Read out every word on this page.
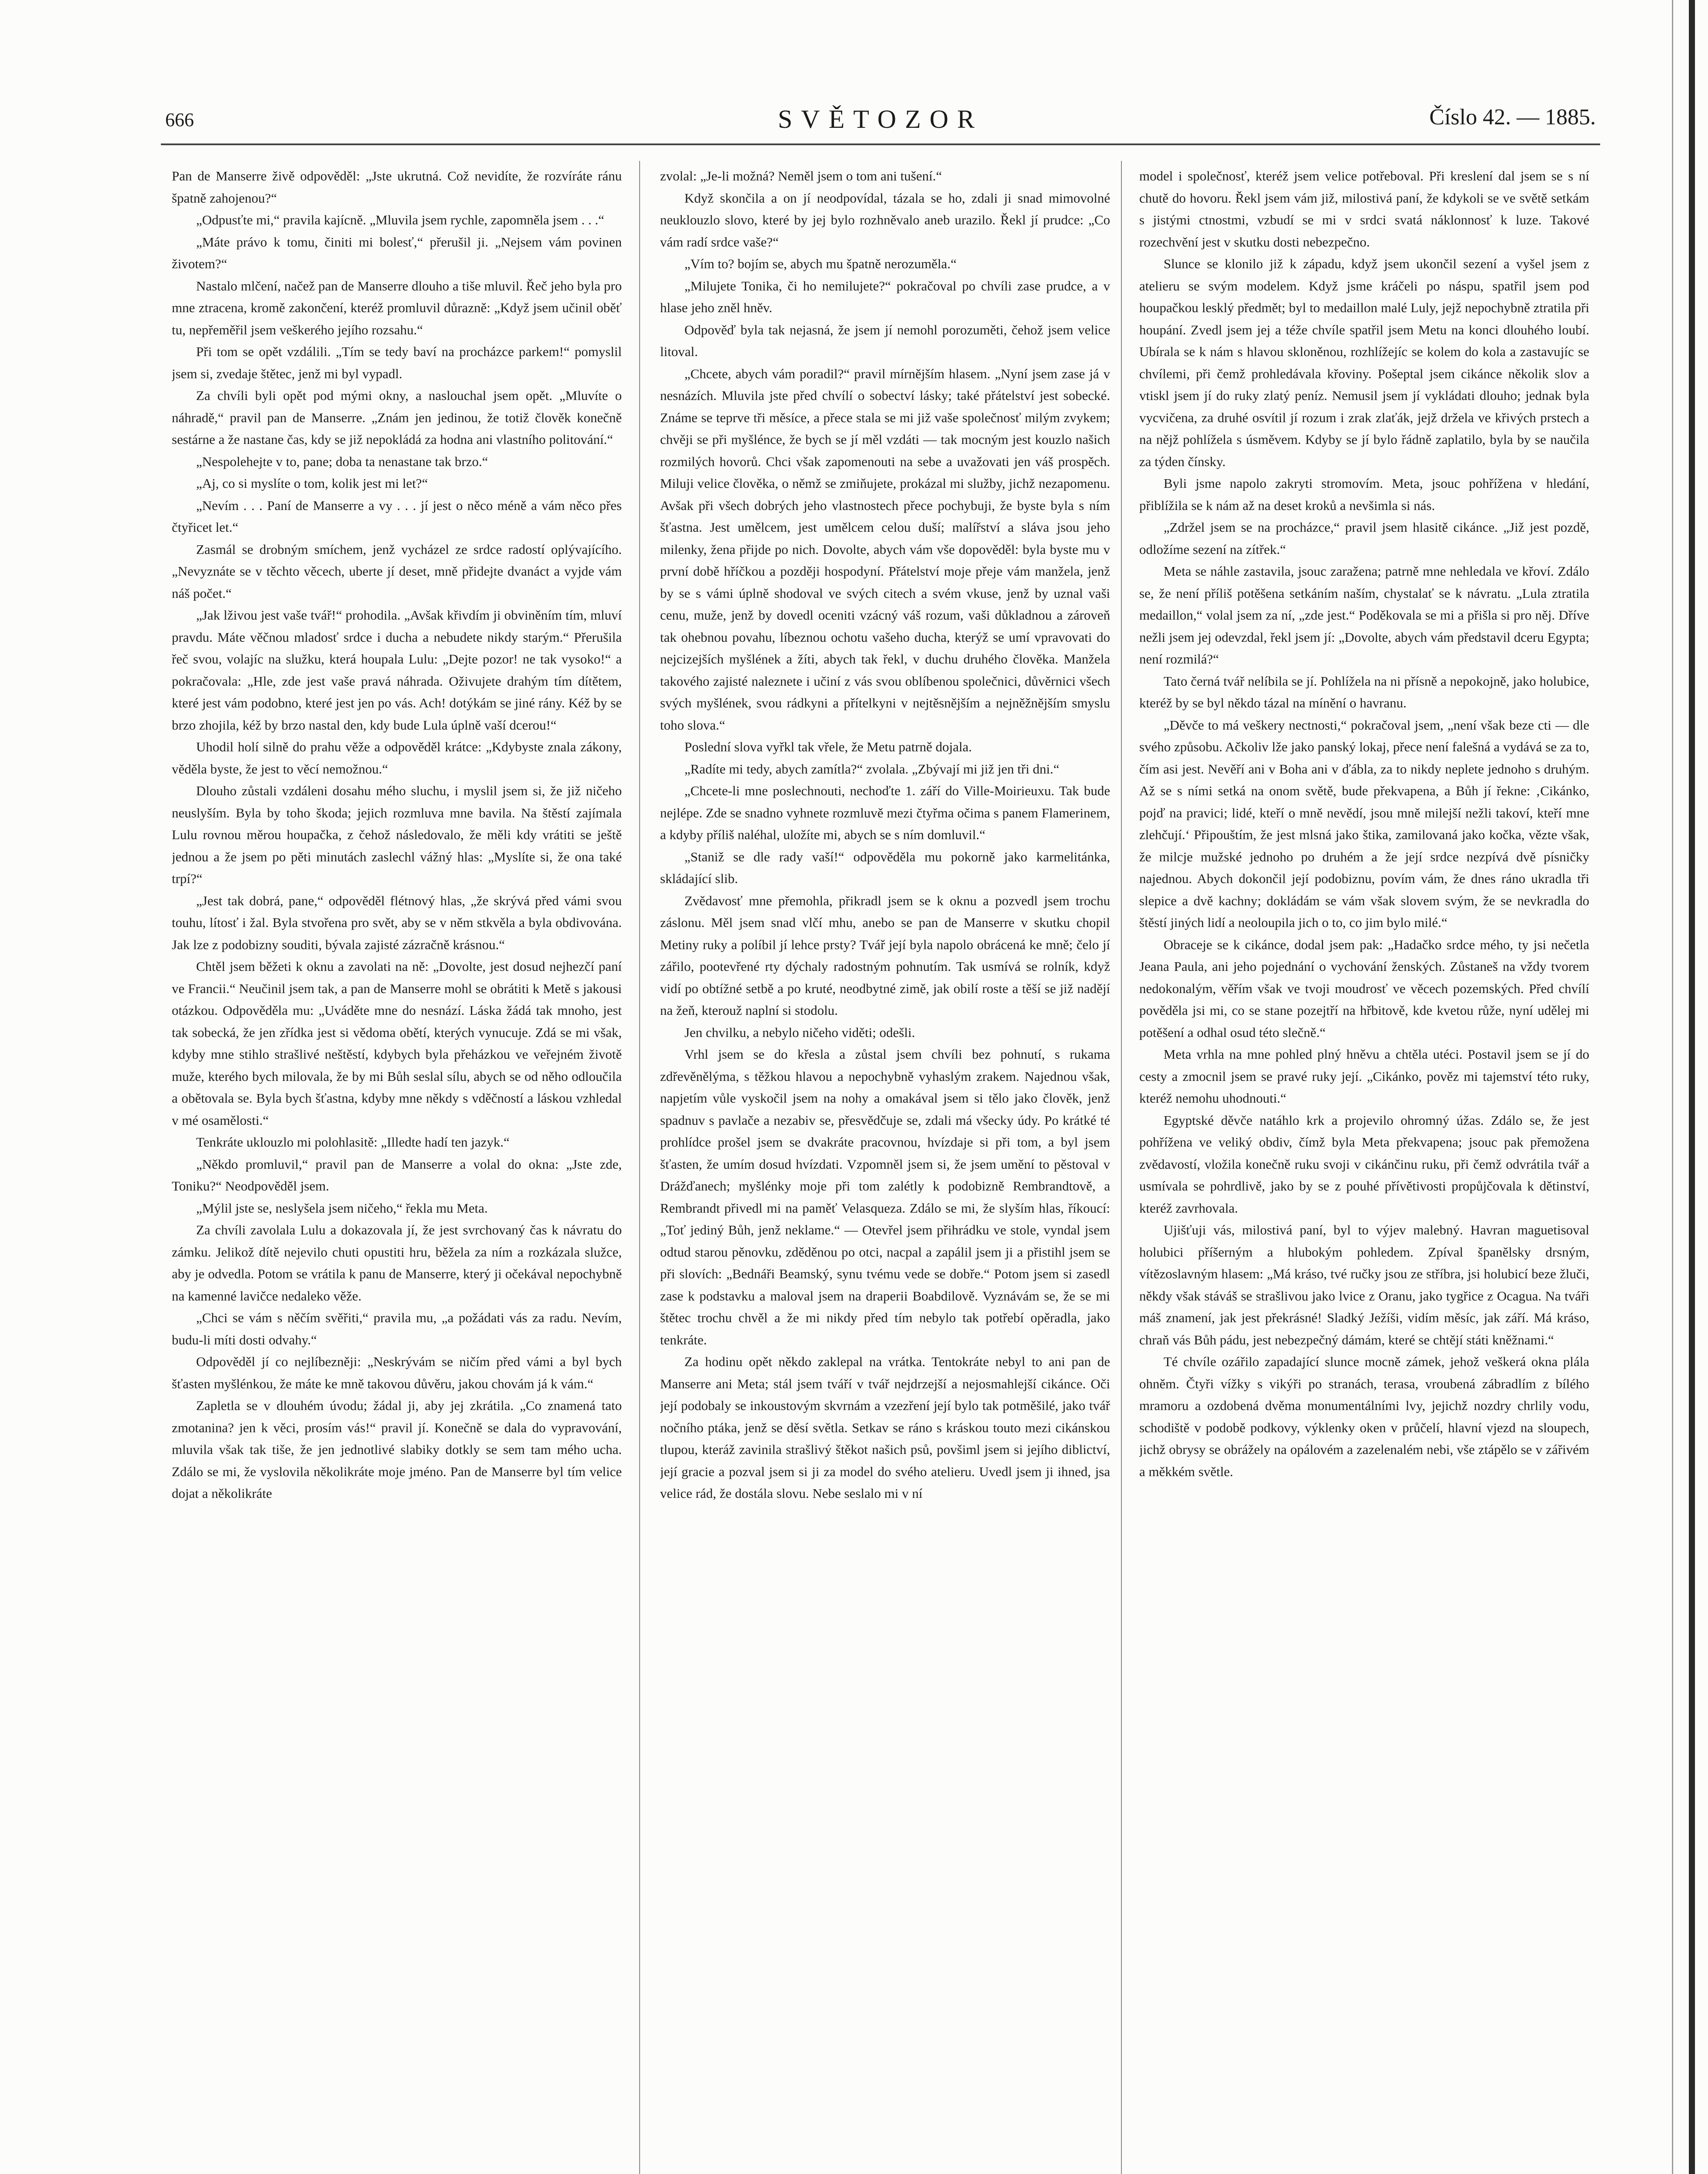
666	SVĚTOZOR	Číslo 42. — 1885.

Pan de Manserre živě odpověděl: „Jste ukrutná. Což nevidíte, že rozvíráte ránu špatně zahojenou?“

„Odpusťte mi,“ pravila kajícně. „Mluvila jsem rychle, zapomněla jsem . . .“

„Máte právo k tomu, činiti mi bolesť,“ přerušil ji. „Nejsem vám povinen životem?“

Nastalo mlčení, načež pan de Manserre dlouho a tiše mluvil. Řeč jeho byla pro mne ztracena, kromě zakončení, kteréž promluvil důrazně: „Když jsem učinil oběť tu, nepřeměřil jsem veškerého jejího rozsahu.“

Při tom se opět vzdálili. „Tím se tedy baví na procházce parkem!“ pomyslil jsem si, zvedaje štětec, jenž mi byl vypadl.

Za chvíli byli opět pod mými okny, a naslouchal jsem opět. „Mluvíte o náhradě,“ pravil pan de Manserre. „Znám jen jedinou, že totiž člověk konečně sestárne a že nastane čas, kdy se již nepokládá za hodna ani vlastního politování.“

„Nespolehejte v to, pane; doba ta nenastane tak brzo.“

„Aj, co si myslíte o tom, kolik jest mi let?“

„Nevím . . . Paní de Manserre a vy . . . jí jest o něco méně a vám něco přes čtyřicet let.“

Zasmál se drobným smíchem, jenž vycházel ze srdce radostí oplývajícího. „Nevyznáte se v těchto věcech, uberte jí deset, mně přidejte dvanáct a vyjde vám náš počet.“

„Jak lživou jest vaše tvář!“ prohodila. „Avšak křivdím ji obviněním tím, mluví pravdu. Máte věčnou mladosť srdce i ducha a nebudete nikdy starým.“ Přerušila řeč svou, volajíc na služku, která houpala Lulu: „Dejte pozor! ne tak vysoko!“ a pokračovala: „Hle, zde jest vaše pravá náhrada. Oživujete drahým tím dítětem, které jest vám podobno, které jest jen po vás. Ach! dotýkám se jiné rány. Kéž by se brzo zhojila, kéž by brzo nastal den, kdy bude Lula úplně vaší dcerou!“

Uhodil holí silně do prahu věže a odpověděl krátce: „Kdybyste znala zákony, věděla byste, že jest to věcí nemožnou.“

Dlouho zůstali vzdáleni dosahu mého sluchu, i myslil jsem si, že již ničeho neuslyším. Byla by toho škoda; jejich rozmluva mne bavila. Na štěstí zajímala Lulu rovnou měrou houpačka, z čehož následovalo, že měli kdy vrátiti se ještě jednou a že jsem po pěti minutách zaslechl vážný hlas: „Myslíte si, že ona také trpí?“

„Jest tak dobrá, pane,“ odpověděl flétnový hlas, „že skrývá před vámi svou touhu, lítosť i žal. Byla stvořena pro svět, aby se v něm stkvěla a byla obdivována. Jak lze z podobizny souditi, bývala zajisté zázračně krásnou.“

Chtěl jsem běžeti k oknu a zavolati na ně: „Dovolte, jest dosud nejhezčí paní ve Francii.“ Neučinil jsem tak, a pan de Manserre mohl se obrátiti k Metě s jakousi otázkou. Odpověděla mu: „Uváděte mne do nesnází. Láska žádá tak mnoho, jest tak sobecká, že jen zřídka jest si vědoma obětí, kterých vynucuje. Zdá se mi však, kdyby mne stihlo strašlivé neštěstí, kdybych byla přeházkou ve veřejném životě muže, kterého bych milovala, že by mi Bůh seslal sílu, abych se od něho odloučila a obětovala se. Byla bych šťastna, kdyby mne někdy s vděčností a láskou vzhledal v mé osamělosti.“

Tenkráte uklouzlo mi polohlasitě: „Illedte hadí ten jazyk.“

„Někdo promluvil,“ pravil pan de Manserre a volal do okna: „Jste zde, Toniku?“ Neodpověděl jsem.

„Mýlil jste se, neslyšela jsem ničeho,“ řekla mu Meta.

Za chvíli zavolala Lulu a dokazovala jí, že jest svrchovaný čas k návratu do zámku. Jelikož dítě nejevilo chuti opustiti hru, běžela za ním a rozkázala služce, aby je odvedla. Potom se vrátila k panu de Manserre, který ji očekával nepochybně na kamenné lavičce nedaleko věže.

„Chci se vám s něčím svěřiti,“ pravila mu, „a požádati vás za radu. Nevím, budu-li míti dosti odvahy.“

Odpověděl jí co nejlíbezněji: „Neskrývám se ničím před vámi a byl bych šťasten myšlénkou, že máte ke mně takovou důvěru, jakou chovám já k vám.“

Zapletla se v dlouhém úvodu; žádal ji, aby jej zkrátila. „Co znamená tato zmotanina? jen k věci, prosím vás!“ pravil jí. Konečně se dala do vypravování, mluvila však tak tiše, že jen jednotlivé slabiky dotkly se sem tam mého ucha. Zdálo se mi, že vyslovila několikráte moje jméno. Pan de Manserre byl tím velice dojat a několikráte

zvolal: „Je-li možná? Neměl jsem o tom ani tušení.“

Když skončila a on jí neodpovídal, tázala se ho, zdali ji snad mimovolné neuklouzlo slovo, které by jej bylo rozhněvalo aneb urazilo. Řekl jí prudce: „Co vám radí srdce vaše?“

„Vím to? bojím se, abych mu špatně nerozuměla.“

„Milujete Tonika, či ho nemilujete?“ pokračoval po chvíli zase prudce, a v hlase jeho zněl hněv.

Odpověď byla tak nejasná, že jsem jí nemohl porozuměti, čehož jsem velice litoval.

„Chcete, abych vám poradil?“ pravil mírnějším hlasem. „Nyní jsem zase já v nesnázích. Mluvila jste před chvílí o sobectví lásky; také přátelství jest sobecké. Známe se teprve tři měsíce, a přece stala se mi již vaše společnosť milým zvykem; chvěji se při myšlénce, že bych se jí měl vzdáti — tak mocným jest kouzlo našich rozmilých hovorů. Chci však zapomenouti na sebe a uvažovati jen váš prospěch. Miluji velice člověka, o němž se zmiňujete, prokázal mi služby, jichž nezapomenu. Avšak při všech dobrých jeho vlastnostech přece pochybuji, že byste byla s ním šťastna. Jest umělcem, jest umělcem celou duší; malířství a sláva jsou jeho milenky, žena přijde po nich. Dovolte, abych vám vše dopověděl: byla byste mu v první době hříčkou a později hospodyní. Přátelství moje přeje vám manžela, jenž by se s vámi úplně shodoval ve svých citech a svém vkuse, jenž by uznal vaši cenu, muže, jenž by dovedl oceniti vzácný váš rozum, vaši důkladnou a zároveň tak ohebnou povahu, líbeznou ochotu vašeho ducha, kterýž se umí vpravovati do nejcizejších myšlének a žíti, abych tak řekl, v duchu druhého člověka. Manžela takového zajisté naleznete i učiní z vás svou oblíbenou společnici, důvěrnici všech svých myšlének, svou rádkyni a přítelkyni v nejtěsnějším a nejněžnějším smyslu toho slova.“

Poslední slova vyřkl tak vřele, že Metu patrně dojala.

„Radíte mi tedy, abych zamítla?“ zvolala. „Zbývají mi již jen tři dni.“

„Chcete-li mne poslechnouti, nechoďte 1. září do Ville-Moirieuxu. Tak bude nejlépe. Zde se snadno vyhnete rozmluvě mezi čtyřma očima s panem Flamerinem, a kdyby příliš naléhal, uložíte mi, abych se s ním domluvil.“

„Staniž se dle rady vaší!“ odpověděla mu pokorně jako karmelitánka, skládající slib.

Zvědavosť mne přemohla, přikradl jsem se k oknu a pozvedl jsem trochu záslonu. Měl jsem snad vlčí mhu, anebo se pan de Manserre v skutku chopil Metiny ruky a políbil jí lehce prsty? Tvář její byla napolo obrácená ke mně; čelo jí zářilo, pootevřené rty dýchaly radostným pohnutím. Tak usmívá se rolník, když vidí po obtížné setbě a po kruté, neodbytné zimě, jak obilí roste a těší se již nadějí na žeň, kterouž naplní si stodolu.

Jen chvilku, a nebylo ničeho viděti; odešli.

Vrhl jsem se do křesla a zůstal jsem chvíli bez pohnutí, s rukama zdřevěnělýma, s těžkou hlavou a nepochybně vyhaslým zrakem. Najednou však, napjetím vůle vyskočil jsem na nohy a omakával jsem si tělo jako člověk, jenž spadnuv s pavlače a nezabiv se, přesvědčuje se, zdali má všecky údy. Po krátké té prohlídce prošel jsem se dvakráte pracovnou, hvízdaje si při tom, a byl jsem šťasten, že umím dosud hvízdati. Vzpomněl jsem si, že jsem umění to pěstoval v Drážďanech; myšlénky moje při tom zalétly k podobizně Rembrandtově, a Rembrandt přivedl mi na paměť Velasqueza. Zdálo se mi, že slyším hlas, říkoucí: „Toť jediný Bůh, jenž neklame.“ — Otevřel jsem přihrádku ve stole, vyndal jsem odtud starou pěnovku, zděděnou po otci, nacpal a zapálil jsem ji a přistihl jsem se při slovích: „Bednáři Beamský, synu tvému vede se dobře.“ Potom jsem si zasedl zase k podstavku a maloval jsem na draperii Boabdilově. Vyznávám se, že se mi štětec trochu chvěl a že mi nikdy před tím nebylo tak potřebí opěradla, jako tenkráte.

Za hodinu opět někdo zaklepal na vrátka. Tentokráte nebyl to ani pan de Manserre ani Meta; stál jsem tváří v tvář nejdrzejší a nejosmahlejší cikánce. Oči její podobaly se inkoustovým skvrnám a vzezření její bylo tak potměšilé, jako tvář nočního ptáka, jenž se děsí světla. Setkav se ráno s kráskou touto mezi cikánskou tlupou, kteráž zavinila strašlivý štěkot našich psů, povšiml jsem si jejího diblictví, její gracie a pozval jsem si ji za model do svého atelieru. Uvedl jsem ji ihned, jsa velice rád, že dostála slovu. Nebe seslalo mi v ní

model i společnosť, kteréž jsem velice potřeboval. Při kreslení dal jsem se s ní chutě do hovoru. Řekl jsem vám již, milostivá paní, že kdykoli se ve světě setkám s jistými ctnostmi, vzbudí se mi v srdci svatá náklonnosť k luze. Takové rozechvění jest v skutku dosti nebezpečno.

Slunce se klonilo již k západu, když jsem ukončil sezení a vyšel jsem z atelieru se svým modelem. Když jsme kráčeli po náspu, spatřil jsem pod houpačkou lesklý předmět; byl to medaillon malé Luly, jejž nepochybně ztratila při houpání. Zvedl jsem jej a téže chvíle spatřil jsem Metu na konci dlouhého loubí. Ubírala se k nám s hlavou skloněnou, rozhlížejíc se kolem do kola a zastavujíc se chvílemi, při čemž prohledávala křoviny. Pošeptal jsem cikánce několik slov a vtiskl jsem jí do ruky zlatý peníz. Nemusil jsem jí vykládati dlouho; jednak byla vycvičena, za druhé osvítil jí rozum i zrak zlaťák, jejž držela ve křivých prstech a na nějž pohlížela s úsměvem. Kdyby se jí bylo řádně zaplatilo, byla by se naučila za týden čínsky.

Byli jsme napolo zakryti stromovím. Meta, jsouc pohřížena v hledání, přiblížila se k nám až na deset kroků a nevšimla si nás.

„Zdržel jsem se na procházce,“ pravil jsem hlasitě cikánce. „Již jest pozdě, odložíme sezení na zítřek.“

Meta se náhle zastavila, jsouc zaražena; patrně mne nehledala ve křoví. Zdálo se, že není příliš potěšena setkáním naším, chystalať se k návratu. „Lula ztratila medaillon,“ volal jsem za ní, „zde jest.“ Poděkovala se mi a přišla si pro něj. Dříve nežli jsem jej odevzdal, řekl jsem jí: „Dovolte, abych vám představil dceru Egypta; není rozmilá?“

Tato černá tvář nelíbila se jí. Pohlížela na ni přísně a nepokojně, jako holubice, kteréž by se byl někdo tázal na mínění o havranu.

„Děvče to má veškery nectnosti,“ pokračoval jsem, „není však beze cti — dle svého způsobu. Ačkoliv lže jako panský lokaj, přece není falešná a vydává se za to, čím asi jest. Nevěří ani v Boha ani v ďábla, za to nikdy neplete jednoho s druhým. Až se s ními setká na onom světě, bude překvapena, a Bůh jí řekne: ‚Cikánko, pojď na pravici; lidé, kteří o mně nevědí, jsou mně milejší nežli takoví, kteří mne zlehčují.‘ Připouštím, že jest mlsná jako štika, zamilovaná jako kočka, vězte však, že milcje mužské jednoho po druhém a že její srdce nezpívá dvě písničky najednou. Abych dokončil její podobiznu, povím vám, že dnes ráno ukradla tři slepice a dvě kachny; dokládám se vám však slovem svým, že se nevkradla do štěstí jiných lidí a neoloupila jich o to, co jim bylo milé.“

Obraceje se k cikánce, dodal jsem pak: „Hadačko srdce mého, ty jsi nečetla Jeana Paula, ani jeho pojednání o vychování ženských. Zůstaneš na vždy tvorem nedokonalým, věřím však ve tvoji moudrosť ve věcech pozemských. Před chvílí pověděla jsi mi, co se stane pozejtří na hřbitově, kde kvetou růže, nyní udělej mi potěšení a odhal osud této slečně.“

Meta vrhla na mne pohled plný hněvu a chtěla utéci. Postavil jsem se jí do cesty a zmocnil jsem se pravé ruky její. „Cikánko, pověz mi tajemství této ruky, kteréž nemohu uhodnouti.“

Egyptské děvče natáhlo krk a projevilo ohromný úžas. Zdálo se, že jest pohřížena ve veliký obdiv, čímž byla Meta překvapena; jsouc pak přemožena zvědavostí, vložila konečně ruku svoji v cikánčinu ruku, při čemž odvrátila tvář a usmívala se pohrdlivě, jako by se z pouhé přívětivosti propůjčovala k dětinství, kteréž zavrhovala.

Ujišťuji vás, milostivá paní, byl to výjev malebný. Havran maguetisoval holubici příšerným a hlubokým pohledem. Zpíval španělsky drsným, vítězoslavným hlasem: „Má kráso, tvé ručky jsou ze stříbra, jsi holubicí beze žluči, někdy však stáváš se strašlivou jako lvice z Oranu, jako tygřice z Ocagua. Na tváři máš znamení, jak jest překrásné! Sladký Ježíši, vidím měsíc, jak září. Má kráso, chraň vás Bůh pádu, jest nebezpečný dámám, které se chtějí státi kněžnami.“

Té chvíle ozářilo zapadající slunce mocně zámek, jehož veškerá okna plála ohněm. Čtyři vížky s vikýři po stranách, terasa, vroubená zábradlím z bílého mramoru a ozdobená dvěma monumentálními lvy, jejichž nozdry chrlily vodu, schodiště v podobě podkovy, výklenky oken v průčelí, hlavní vjezd na sloupech, jichž obrysy se obrážely na opálovém a zazelenalém nebi, vše ztápělo se v zářivém a měkkém světle.
